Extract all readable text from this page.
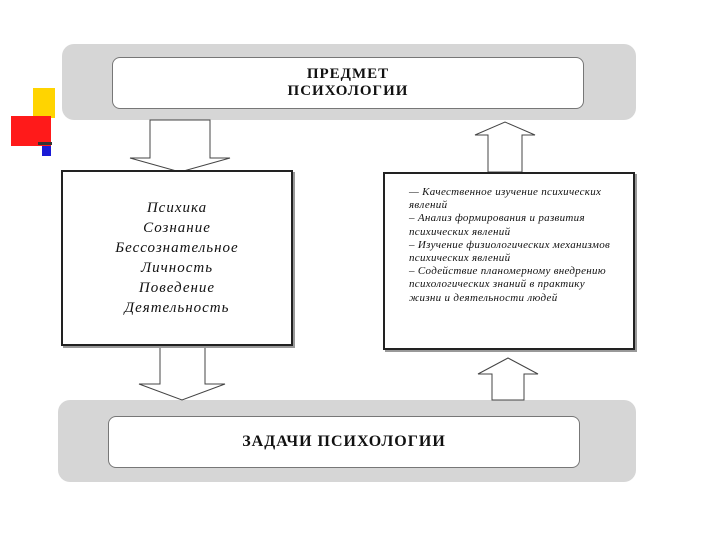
ПРЕДМЕТ
ПСИХОЛОГИИ
ЗАДАЧИ ПСИХОЛОГИИ
Психика
Сознание
Бессознательное
Личность
Поведение
Деятельность
— Качественное изучение психических явлений
– Анализ формирования и развития психических явлений
– Изучение физиологических механизмов психических явлений
– Содействие планомерному внедрению психологических знаний в практику жизни и деятельности людей
